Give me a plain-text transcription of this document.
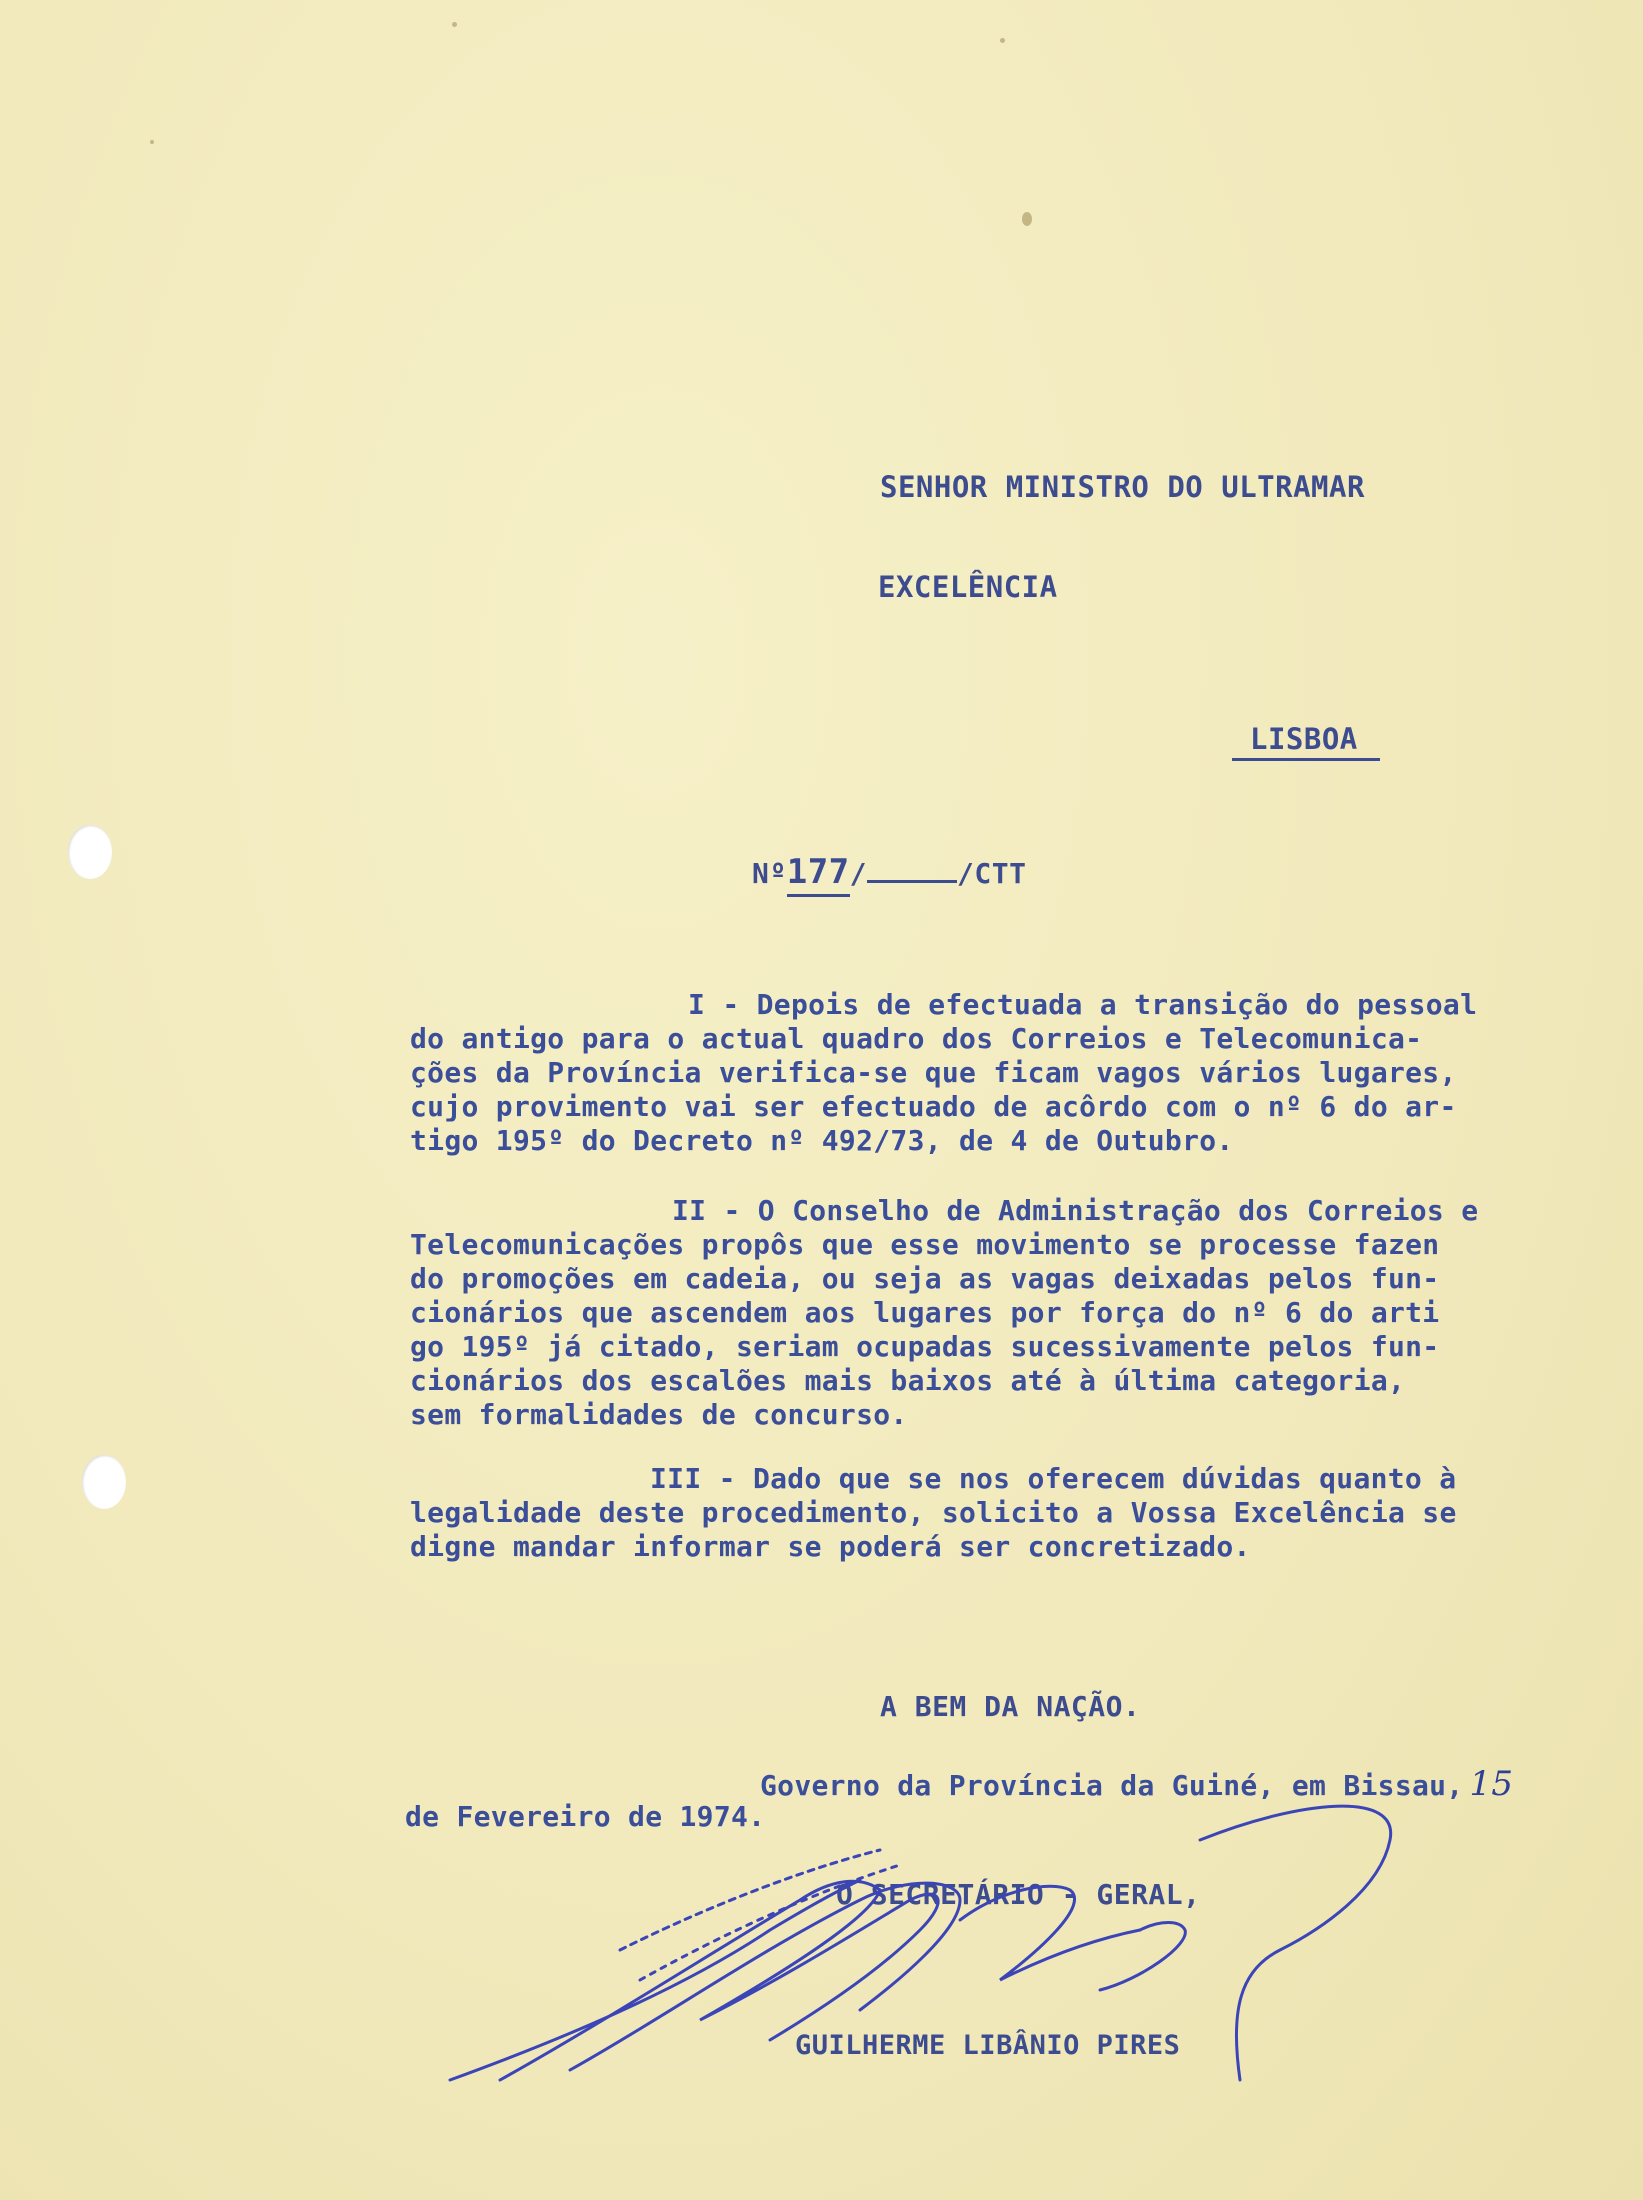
SENHOR MINISTRO DO ULTRAMAR
EXCELÊNCIA
LISBOA
Nº177/	/CTT
I - Depois de efectuada a transição do pessoal
do antigo para o actual quadro dos Correios e Telecomunica-
ções da Província verifica-se que ficam vagos vários lugares,
cujo provimento vai ser efectuado de acôrdo com o nº 6 do ar-
tigo 195º do Decreto nº 492/73, de 4 de Outubro.
II - O Conselho de Administração dos Correios e
Telecomunicações propôs que esse movimento se processe fazen
do promoções em cadeia, ou seja as vagas deixadas pelos fun-
cionários que ascendem aos lugares por força do nº 6 do arti
go 195º já citado, seriam ocupadas sucessivamente pelos fun-
cionários dos escalões mais baixos até à última categoria,
sem formalidades de concurso.
III - Dado que se nos oferecem dúvidas quanto à
legalidade deste procedimento, solicito a Vossa Excelência se
digne mandar informar se poderá ser concretizado.
A BEM DA NAÇÃO.
Governo da Província da Guiné, em Bissau, 15
de Fevereiro de 1974.
O SECRETÁRIO - GERAL,
GUILHERME LIBÂNIO PIRES
